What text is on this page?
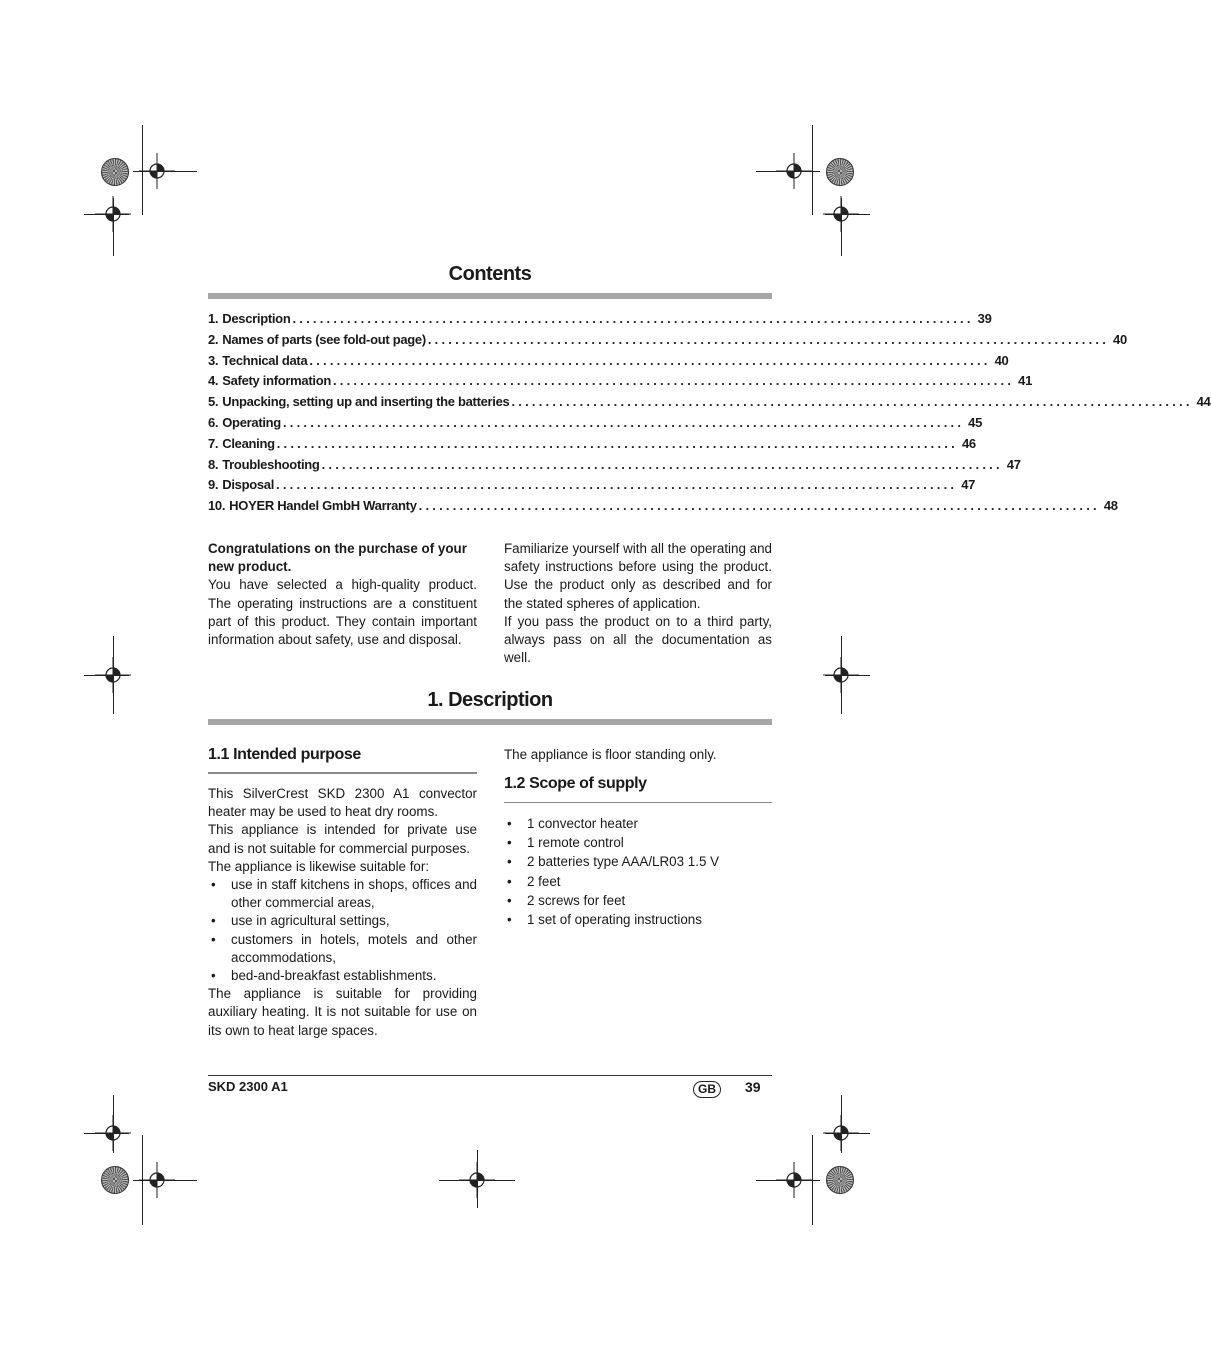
Contents
1. Description .................................................................................................... 39
2. Names of parts (see fold-out page) .................................................................................................... 40
3. Technical data .................................................................................................... 40
4. Safety information .................................................................................................... 41
5. Unpacking, setting up and inserting the batteries .................................................................................................... 44
6. Operating .................................................................................................... 45
7. Cleaning .................................................................................................... 46
8. Troubleshooting .................................................................................................... 47
9. Disposal .................................................................................................... 47
10. HOYER Handel GmbH Warranty .................................................................................................... 48
Congratulations on the purchase of your new product.
You have selected a high-quality product. The operating instructions are a constituent part of this product. They contain important information about safety, use and disposal.
Familiarize yourself with all the operating and safety instructions before using the product. Use the product only as described and for the stated spheres of application.
If you pass the product on to a third party, always pass on all the documentation as well.
1. Description
1.1 Intended purpose
This SilverCrest SKD 2300 A1 convector heater may be used to heat dry rooms.
This appliance is intended for private use and is not suitable for commercial purposes.
The appliance is likewise suitable for:
• use in staff kitchens in shops, offices and other commercial areas,
• use in agricultural settings,
• customers in hotels, motels and other accommodations,
• bed-and-breakfast establishments.
The appliance is suitable for providing auxiliary heating. It is not suitable for use on its own to heat large spaces.
The appliance is floor standing only.
1.2 Scope of supply
• 1 convector heater
• 1 remote control
• 2 batteries type AAA/LR03 1.5 V
• 2 feet
• 2 screws for feet
• 1 set of operating instructions
SKD 2300 A1	GB	39
